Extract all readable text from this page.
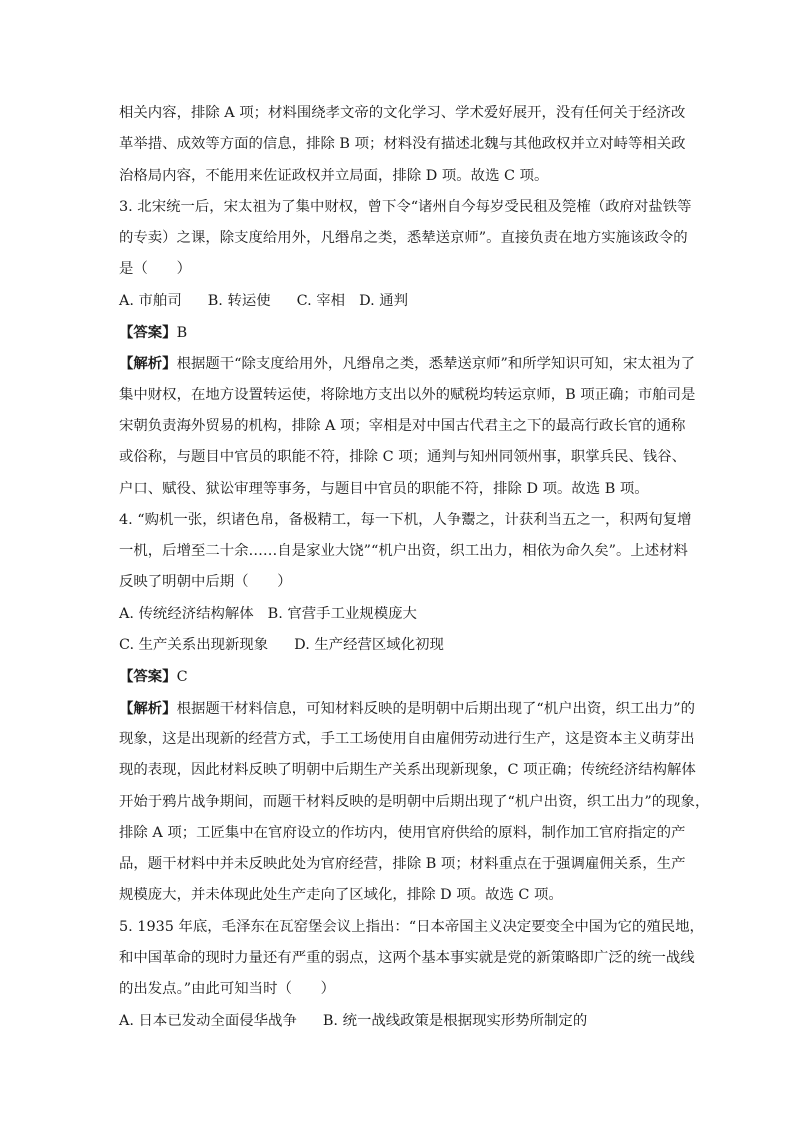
相关内容，排除 A 项；材料围绕孝文帝的文化学习、学术爱好展开，没有任何关于经济改
革举措、成效等方面的信息，排除 B 项；材料没有描述北魏与其他政权并立对峙等相关政
治格局内容，不能用来佐证政权并立局面，排除 D 项。故选 C 项。
3. 北宋统一后，宋太祖为了集中财权，曾下令“诸州自今每岁受民租及筦榷（政府对盐铁等
的专卖）之课，除支度给用外，凡缗帛之类，悉辇送京师”。直接负责在地方实施该政令的
是（　　）
A. 市舶司 B. 转运使 C. 宰相 D. 通判
【答案】B
【解析】根据题干“除支度给用外，凡缗帛之类，悉辇送京师”和所学知识可知，宋太祖为了
集中财权，在地方设置转运使，将除地方支出以外的赋税均转运京师，B 项正确；市舶司是
宋朝负责海外贸易的机构，排除 A 项；宰相是对中国古代君主之下的最高行政长官的通称
或俗称，与题目中官员的职能不符，排除 C 项；通判与知州同领州事，职掌兵民、钱谷、
户口、赋役、狱讼审理等事务，与题目中官员的职能不符，排除 D 项。故选 B 项。
4. “购机一张，织诸色帛，备极精工，每一下机，人争鬻之，计获利当五之一，积两旬复增
一机，后增至二十余……自是家业大饶”“机户出资，织工出力，相依为命久矣”。上述材料
反映了明朝中后期（　　）
A. 传统经济结构解体 B. 官营手工业规模庞大
C. 生产关系出现新现象 D. 生产经营区域化初现
【答案】C
【解析】根据题干材料信息，可知材料反映的是明朝中后期出现了“机户出资，织工出力”的
现象，这是出现新的经营方式，手工工场使用自由雇佣劳动进行生产，这是资本主义萌芽出
现的表现，因此材料反映了明朝中后期生产关系出现新现象，C 项正确；传统经济结构解体
开始于鸦片战争期间，而题干材料反映的是明朝中后期出现了“机户出资，织工出力”的现象，
排除 A 项；工匠集中在官府设立的作坊内，使用官府供给的原料，制作加工官府指定的产
品，题干材料中并未反映此处为官府经营，排除 B 项；材料重点在于强调雇佣关系，生产
规模庞大，并未体现此处生产走向了区域化，排除 D 项。故选 C 项。
5. 1935 年底，毛泽东在瓦窑堡会议上指出：“日本帝国主义决定要变全中国为它的殖民地，
和中国革命的现时力量还有严重的弱点，这两个基本事实就是党的新策略即广泛的统一战线
的出发点。”由此可知当时（　　）
A. 日本已发动全面侵华战争 B. 统一战线政策是根据现实形势所制定的
